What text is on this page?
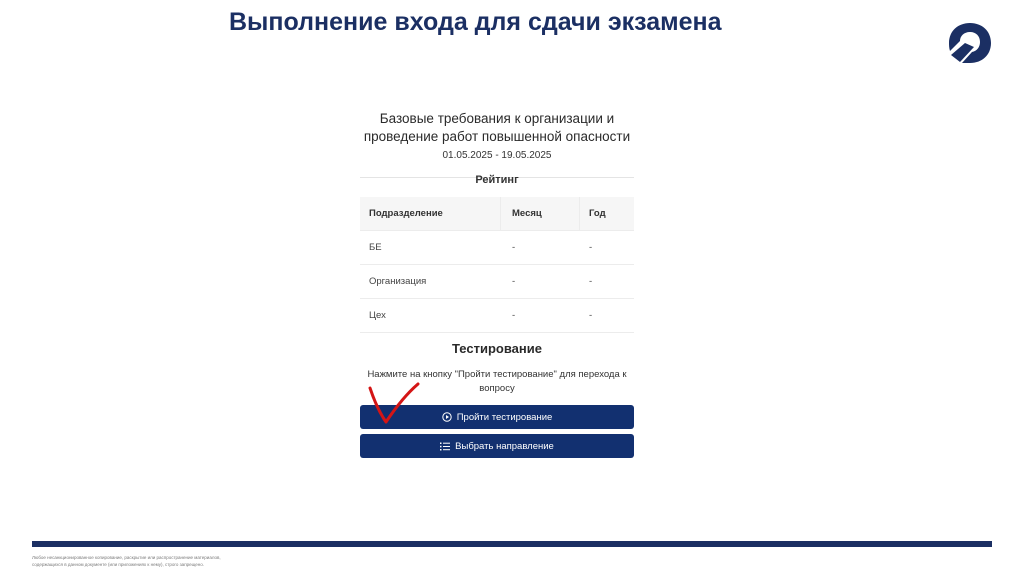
Выполнение входа для сдачи экзамена
Базовые требования к организации и
проведение работ повышенной опасности
01.05.2025 - 19.05.2025
Рейтинг
Подразделение	Месяц	Год
БЕ	-	-
Организация	-	-
Цех	-	-
Тестирование
Нажмите на кнопку "Пройти тестирование" для перехода к вопросу
Пройти тестирование
Выбрать направление
Любое несанкционированное копирование, раскрытие или распространение материалов,
содержащихся в данном документе (или приложениях к нему), строго запрещено.
